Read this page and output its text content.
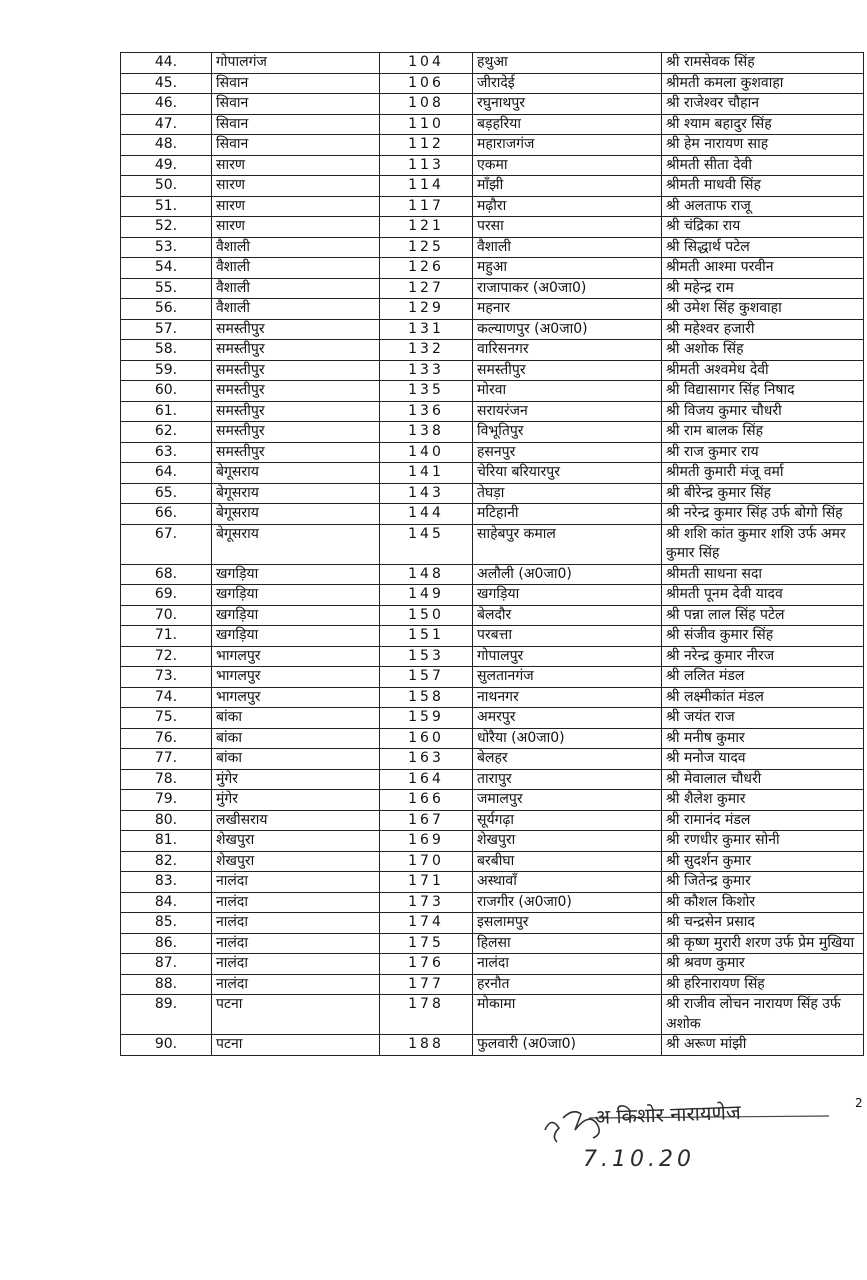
44.	गोपालगंज	104	हथुआ	श्री रामसेवक सिंह
45.	सिवान	106	जीरादेई	श्रीमती कमला कुशवाहा
46.	सिवान	108	रघुनाथपुर	श्री राजेश्वर चौहान
47.	सिवान	110	बड़हरिया	श्री श्याम बहादुर सिंह
48.	सिवान	112	महाराजगंज	श्री हेम नारायण साह
49.	सारण	113	एकमा	श्रीमती सीता देवी
50.	सारण	114	माँझी	श्रीमती माधवी सिंह
51.	सारण	117	मढ़ौरा	श्री अलताफ राजू
52.	सारण	121	परसा	श्री चंद्रिका राय
53.	वैशाली	125	वैशाली	श्री सिद्धार्थ पटेल
54.	वैशाली	126	महुआ	श्रीमती आश्मा परवीन
55.	वैशाली	127	राजापाकर (अ0जा0)	श्री महेन्द्र राम
56.	वैशाली	129	महनार	श्री उमेश सिंह कुशवाहा
57.	समस्तीपुर	131	कल्याणपुर (अ0जा0)	श्री महेश्वर हजारी
58.	समस्तीपुर	132	वारिसनगर	श्री अशोक सिंह
59.	समस्तीपुर	133	समस्तीपुर	श्रीमती अश्वमेध देवी
60.	समस्तीपुर	135	मोरवा	श्री विद्यासागर सिंह निषाद
61.	समस्तीपुर	136	सरायरंजन	श्री विजय कुमार चौधरी
62.	समस्तीपुर	138	विभूतिपुर	श्री राम बालक सिंह
63.	समस्तीपुर	140	हसनपुर	श्री राज कुमार राय
64.	बेगूसराय	141	चेरिया बरियारपुर	श्रीमती कुमारी मंजू वर्मा
65.	बेगूसराय	143	तेघड़ा	श्री बीरेन्द्र कुमार सिंह
66.	बेगूसराय	144	मटिहानी	श्री नरेन्द्र कुमार सिंह उर्फ बोगो सिंह
67.	बेगूसराय	145	साहेबपुर कमाल	श्री शशि कांत कुमार शशि उर्फ अमर कुमार सिंह
68.	खगड़िया	148	अलौली (अ0जा0)	श्रीमती साधना सदा
69.	खगड़िया	149	खगड़िया	श्रीमती पूनम देवी यादव
70.	खगड़िया	150	बेलदौर	श्री पन्ना लाल सिंह पटेल
71.	खगड़िया	151	परबत्ता	श्री संजीव कुमार सिंह
72.	भागलपुर	153	गोपालपुर	श्री नरेन्द्र कुमार नीरज
73.	भागलपुर	157	सुलतानगंज	श्री ललित मंडल
74.	भागलपुर	158	नाथनगर	श्री लक्ष्मीकांत मंडल
75.	बांका	159	अमरपुर	श्री जयंत राज
76.	बांका	160	धोरैया (अ0जा0)	श्री मनीष कुमार
77.	बांका	163	बेलहर	श्री मनोज यादव
78.	मुंगेर	164	तारापुर	श्री मेवालाल चौधरी
79.	मुंगेर	166	जमालपुर	श्री शैलेश कुमार
80.	लखीसराय	167	सूर्यगढ़ा	श्री रामानंद मंडल
81.	शेखपुरा	169	शेखपुरा	श्री रणधीर कुमार सोनी
82.	शेखपुरा	170	बरबीघा	श्री सुदर्शन कुमार
83.	नालंदा	171	अस्थावाँ	श्री जितेन्द्र कुमार
84.	नालंदा	173	राजगीर (अ0जा0)	श्री कौशल किशोर
85.	नालंदा	174	इसलामपुर	श्री चन्द्रसेन प्रसाद
86.	नालंदा	175	हिलसा	श्री कृष्ण मुरारी शरण उर्फ प्रेम मुखिया
87.	नालंदा	176	नालंदा	श्री श्रवण कुमार
88.	नालंदा	177	हरनौत	श्री हरिनारायण सिंह
89.	पटना	178	मोकामा	श्री राजीव लोचन नारायण सिंह उर्फ अशोक
90.	पटना	188	फुलवारी (अ0जा0)	श्री अरूण मांझी
2
अ किशोर नारायणेज
7.10.20
